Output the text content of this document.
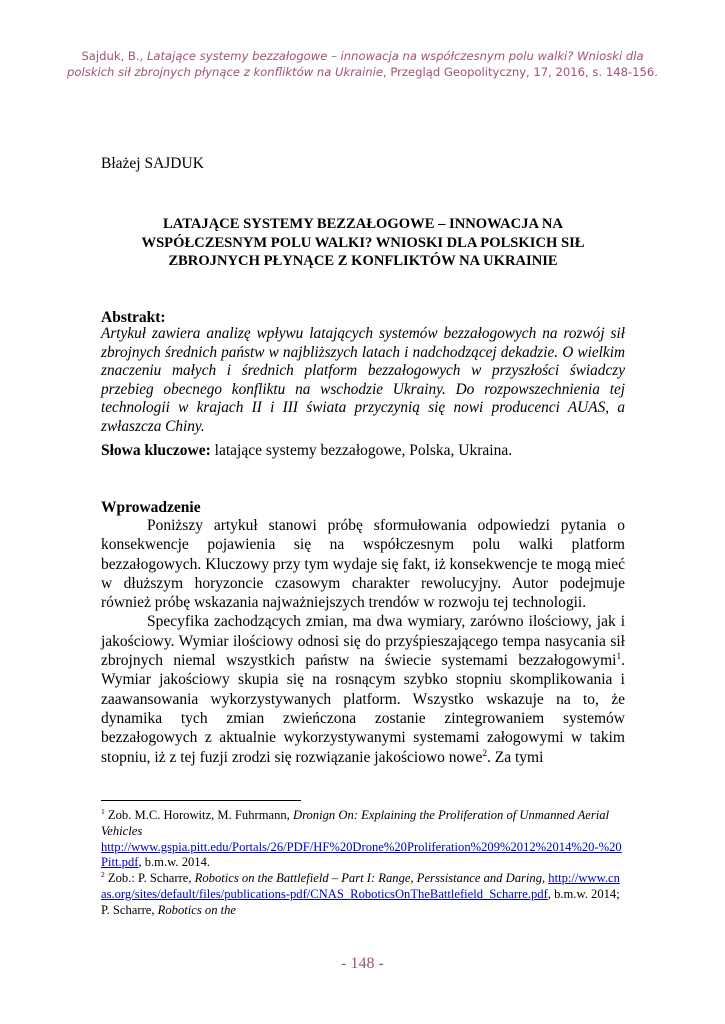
Sajduk, B., Latające systemy bezzałogowe – innowacja na współczesnym polu walki? Wnioski dla polskich sił zbrojnych płynące z konfliktów na Ukrainie, Przegląd Geopolityczny, 17, 2016, s. 148-156.
Błażej SAJDUK
LATAJĄCE SYSTEMY BEZZAŁOGOWE – INNOWACJA NA WSPÓŁCZESNYM POLU WALKI? WNIOSKI DLA POLSKICH SIŁ ZBROJNYCH PŁYNĄCE Z KONFLIKTÓW NA UKRAINIE
Abstrakt:
Artykuł zawiera analizę wpływu latających systemów bezzałogowych na rozwój sił zbrojnych średnich państw w najbliższych latach i nadchodzącej dekadzie. O wielkim znaczeniu małych i średnich platform bezzałogowych w przyszłości świadczy przebieg obecnego konfliktu na wschodzie Ukrainy. Do rozpowszechnienia tej technologii w krajach II i III świata przyczynią się nowi producenci AUAS, a zwłaszcza Chiny.
Słowa kluczowe: latające systemy bezzałogowe, Polska, Ukraina.
Wprowadzenie

Poniższy artykuł stanowi próbę sformułowania odpowiedzi pytania o konsekwencje pojawienia się na współczesnym polu walki platform bezzałogowych. Kluczowy przy tym wydaje się fakt, iż konsekwencje te mogą mieć w dłuższym horyzoncie czasowym charakter rewolucyjny. Autor podejmuje również próbę wskazania najważniejszych trendów w rozwoju tej technologii.

Specyfika zachodzących zmian, ma dwa wymiary, zarówno ilościowy, jak i jakościowy. Wymiar ilościowy odnosi się do przyśpieszającego tempa nasycania sił zbrojnych niemal wszystkich państw na świecie systemami bezzałogowymi$^1$. Wymiar jakościowy skupia się na rosnącym szybko stopniu skomplikowania i zaawansowania wykorzystywanych platform. Wszystko wskazuje na to, że dynamika tych zmian zwieńczona zostanie zintegrowaniem systemów bezzałogowych z aktualnie wykorzystywanymi systemami załogowymi w takim stopniu, iż z tej fuzji zrodzi się rozwiązanie jakościowo nowe$^2$. Za tymi

$^1$ Zob. M.C. Horowitz, M. Fuhrmann, Dronign On: Explaining the Proliferation of Unmanned Aerial Vehicles
http://www.gspia.pitt.edu/Portals/26/PDF/HF%20Drone%20Proliferation%209%2012%2014%20-%20Pitt.pdf, b.m.w. 2014.

$^2$ Zob.: P. Scharre, Robotics on the Battlefield – Part I: Range, Perssistance and Daring, http://www.cnas.org/sites/default/files/publications-pdf/CNAS_RoboticsOnTheBattlefield_Scharre.pdf, b.m.w. 2014; P. Scharre, Robotics on the

- 148 -
